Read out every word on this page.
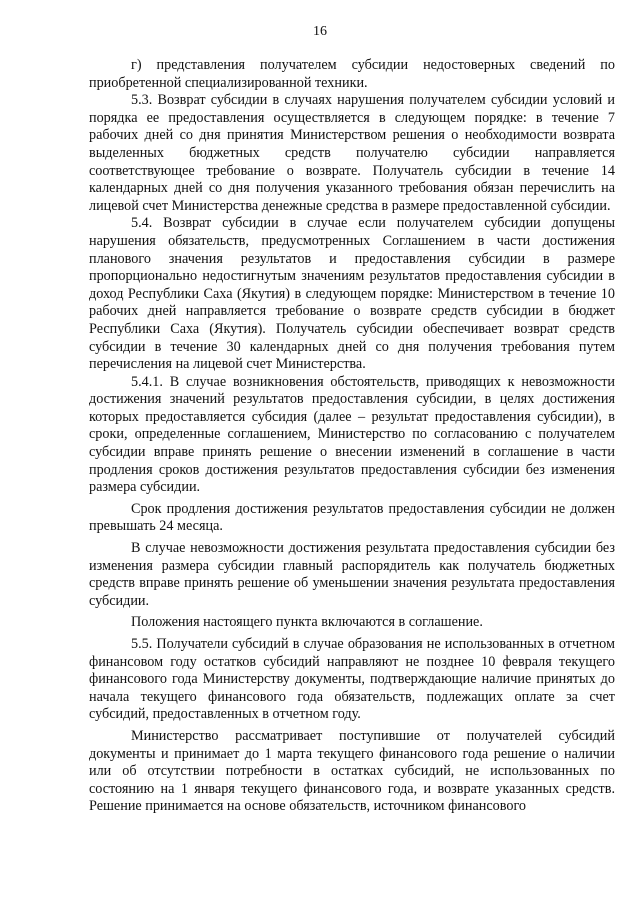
16

г) представления получателем субсидии недостоверных сведений по приобретенной специализированной техники.

5.3. Возврат субсидии в случаях нарушения получателем субсидии условий и порядка ее предоставления осуществляется в следующем порядке: в течение 7 рабочих дней со дня принятия Министерством решения о необходимости возврата выделенных бюджетных средств получателю субсидии направляется соответствующее требование о возврате. Получатель субсидии в течение 14 календарных дней со дня получения указанного требования обязан перечислить на лицевой счет Министерства денежные средства в размере предоставленной субсидии.

5.4. Возврат субсидии в случае если получателем субсидии допущены нарушения обязательств, предусмотренных Соглашением в части достижения планового значения результатов и предоставления субсидии в размере пропорционально недостигнутым значениям результатов предоставления субсидии в доход Республики Саха (Якутия) в следующем порядке: Министерством в течение 10 рабочих дней направляется требование о возврате средств субсидии в бюджет Республики Саха (Якутия). Получатель субсидии обеспечивает возврат средств субсидии в течение 30 календарных дней со дня получения требования путем перечисления на лицевой счет Министерства.

5.4.1. В случае возникновения обстоятельств, приводящих к невозможности достижения значений результатов предоставления субсидии, в целях достижения которых предоставляется субсидия (далее – результат предоставления субсидии), в сроки, определенные соглашением, Министерство по согласованию с получателем субсидии вправе принять решение о внесении изменений в соглашение в части продления сроков достижения результатов предоставления субсидии без изменения размера субсидии.

Срок продления достижения результатов предоставления субсидии не должен превышать 24 месяца.

В случае невозможности достижения результата предоставления субсидии без изменения размера субсидии главный распорядитель как получатель бюджетных средств вправе принять решение об уменьшении значения результата предоставления субсидии.

Положения настоящего пункта включаются в соглашение.

5.5. Получатели субсидий в случае образования не использованных в отчетном финансовом году остатков субсидий направляют не позднее 10 февраля текущего финансового года Министерству документы, подтверждающие наличие принятых до начала текущего финансового года обязательств, подлежащих оплате за счет субсидий, предоставленных в отчетном году.

Министерство рассматривает поступившие от получателей субсидий документы и принимает до 1 марта текущего финансового года решение о наличии или об отсутствии потребности в остатках субсидий, не использованных по состоянию на 1 января текущего финансового года, и возврате указанных средств. Решение принимается на основе обязательств, источником финансового
